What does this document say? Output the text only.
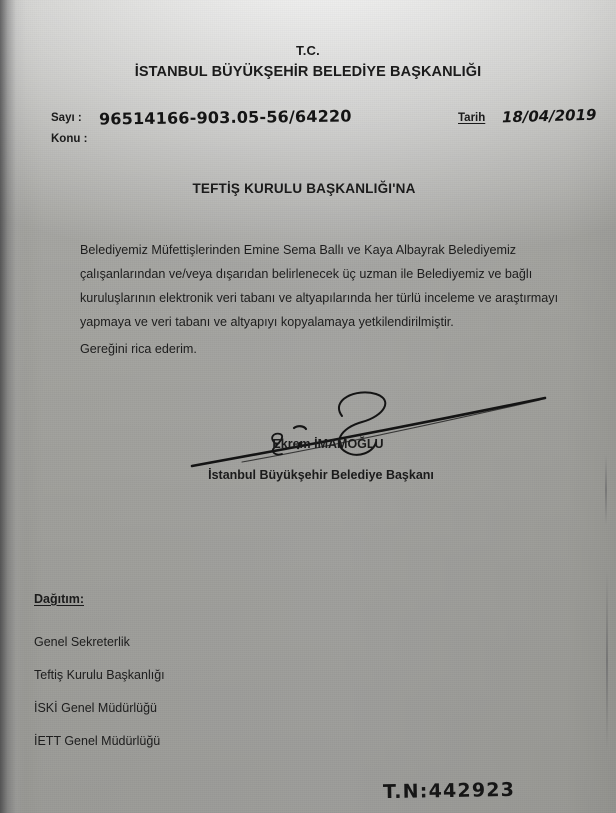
T.C.
İSTANBUL BÜYÜKŞEHİR BELEDİYE BAŞKANLIĞI
Sayı : 96514166-903.05-56/64220
Konu :
Tarih 18/04/2019
TEFTİŞ KURULU BAŞKANLIĞI'NA
Belediyemiz Müfettişlerinden Emine Sema Ballı ve Kaya Albayrak Belediyemiz
çalışanlarından ve/veya dışarıdan belirlenecek üç uzman ile Belediyemiz ve bağlı
kuruluşlarının elektronik veri tabanı ve altyapılarında her türlü inceleme ve araştırmayı
yapmaya ve veri tabanı ve altyapıyı kopyalamaya yetkilendirilmiştir.
Gereğini rica ederim.
Ekrem İMAMOĞLU
İstanbul Büyükşehir Belediye Başkanı
Dağıtım:
Genel Sekreterlik
Teftiş Kurulu Başkanlığı
İSKİ Genel Müdürlüğü
İETT Genel Müdürlüğü
T.N:442923
